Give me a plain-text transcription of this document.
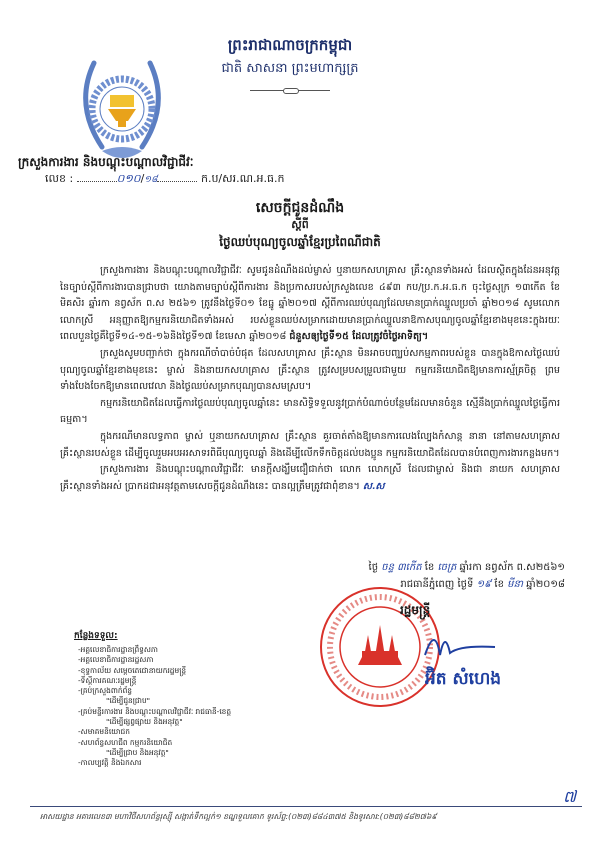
ព្រះរាជាណាចក្រកម្ពុជា
ជាតិ សាសនា ព្រះមហាក្សត្រ
ក្រសួងការងារ និងបណ្តុះបណ្តាលវិជ្ជាជីវៈ
លេខ :	០១០/១៨	ក.ប/សរ.ណ.អ.ធ.ក
សេចក្តីជូនដំណឹង
ស្តីពី
ថ្ងៃឈប់បុណ្យចូលឆ្នាំខ្មែរប្រពៃណីជាតិ

ក្រសួងការងារ និងបណ្តុះបណ្តាលវិជ្ជាជីវៈ សូមជូនដំណឹងដល់ម្ចាស់ ឬនាយកសហគ្រាស គ្រឹះស្ថានទាំងអស់ ដែលស្ថិតក្នុងដែនអនុវត្តនៃច្បាប់ស្តីពីការងារបានជ្រាបថា យោងតាមច្បាប់ស្តីពីការងារ និងប្រកាសរបស់ក្រសួងលេខ ៤៩៣ កប/ប្រ.ក.អ.ធ.ក ចុះថ្ងៃសុក្រ ១៣កើត ខែមិគសិរ ឆ្នាំរកា នព្វស័ក ព.ស ២៥៦១ ត្រូវនឹងថ្ងៃទី០១ ខែធ្នូ ឆ្នាំ២០១៧ ស្តីពីការឈប់បុណ្យដែលមានប្រាក់ឈ្នួលប្រចាំ ឆ្នាំ២០១៨ សូមលោក លោកស្រី អនុញ្ញាតឱ្យកម្មករនិយោជិតទាំងអស់ របស់ខ្លួនឈប់សម្រាកដោយមានប្រាក់ឈ្នួលនាឱកាសបុណ្យចូលឆ្នាំខ្មែរខាងមុខនេះក្នុងរយៈពេលបួនថ្ងៃគឺថ្ងៃទី១៤-១៥-១៦និងថ្ងៃទី១៧ ខែមេសា ឆ្នាំ២០១៨ ជំនួសឲ្យថ្ងៃទី១៥ ដែលត្រូវចំថ្ងៃអាទិត្យ។

ក្រសួងសូមបញ្ជាក់ថា ក្នុងករណីចាំបាច់បំផុត ដែលសហគ្រាស គ្រឹះស្ថាន មិនអាចបញ្ឈប់សកម្មភាពរបស់ខ្លួន បានក្នុងឱកាសថ្ងៃឈប់បុណ្យចូលឆ្នាំខ្មែរខាងមុខនេះ ម្ចាស់ និងនាយកសហគ្រាស គ្រឹះស្ថាន ត្រូវសម្របសម្រួលជាមួយ កម្មករនិយោជិតឱ្យមានការស្ម័គ្រចិត្ត ព្រមទាំងបែងចែកឱ្យមានពេលវេលា និងថ្ងៃឈប់សម្រាកបុណ្យបានសមស្រប។

កម្មករនិយោជិតដែលធ្វើការថ្ងៃឈប់បុណ្យចូលឆ្នាំនេះ មានសិទ្ធិទទួលនូវប្រាក់បំណាច់បន្ថែមដែលមានចំនួន ស្មើនឹងប្រាក់ឈ្នួលថ្ងៃធ្វើការធម្មតា។

ក្នុងករណីមានលទ្ធភាព ម្ចាស់ ឬនាយកសហគ្រាស គ្រឹះស្ថាន គួរចាត់តាំងឱ្យមានការលេងល្បែងកំសាន្ត នានា នៅតាមសហគ្រាស គ្រឹះស្ថានរបស់ខ្លួន ដើម្បីចូលរួមអបអរសាទរពិធីបុណ្យចូលឆ្នាំ និងដើម្បីលើកទឹកចិត្តដល់បងប្អូន កម្មករនិយោជិតដែលបានបំពេញការងារកន្លងមក។

ក្រសួងការងារ និងបណ្តុះបណ្តាលវិជ្ជាជីវៈ មានក្តីសង្ឃឹមជឿជាក់ថា លោក លោកស្រី ដែលជាម្ចាស់ និងជា នាយក សហគ្រាស គ្រឹះស្ថានទាំងអស់ ប្រាកដជាអនុវត្តតាមសេចក្តីជូនដំណឹងនេះ បានល្អត្រឹមត្រូវជាពុំខាន។ ស.ស

ថ្ងៃ ចន្ទ ៣កើត ខែ ចេត្រ ឆ្នាំរកា នព្វស័ក ព.ស២៥៦១
រាជធានីភ្នំពេញ ថ្ងៃទី ១៩ ខែ មីនា ឆ្នាំ២០១៨
រដ្ឋមន្ត្រី
អ៊ិត សំហេង
កន្លែងទទួល:
-អគ្គលេខាធិការដ្ឋានព្រឹទ្ធសភា
-អគ្គលេខាធិការដ្ឋានរដ្ឋសភា
-ខុទ្ទកាល័យ សម្តេចតេជោនាយករដ្ឋមន្ត្រី
-ទីស្តីការគណៈរដ្ឋមន្ត្រី
-គ្រប់ក្រសួងពាក់ព័ន្ធ
"ដើម្បីជូនជ្រាប"
-គ្រប់មន្ទីរការងារ និងបណ្តុះបណ្តាលវិជ្ជាជីវៈ រាជធានី-ខេត្ត
"ដើម្បីផ្សព្វផ្សាយ និងអនុវត្ត"
-សមាគមនិយោជក
-សហព័ន្ធសហជីព កម្មករនិយោជិត
"ដើម្បីជ្រាប និងអនុវត្ត"
-កាលប្បវត្តិ និងឯកសារ
៧
អាសយដ្ឋាន អគារលេខ៣ មហាវិថីសហព័ន្ធរុស្ស៊ី សង្កាត់ទឹកល្អក់១ ខណ្ឌទួលគោក ទូរស័ព្ទ:(០២៣)៨៨៤៣៧៥ និងទូរសារ:(០២៣)៨៨២៧៦៩
